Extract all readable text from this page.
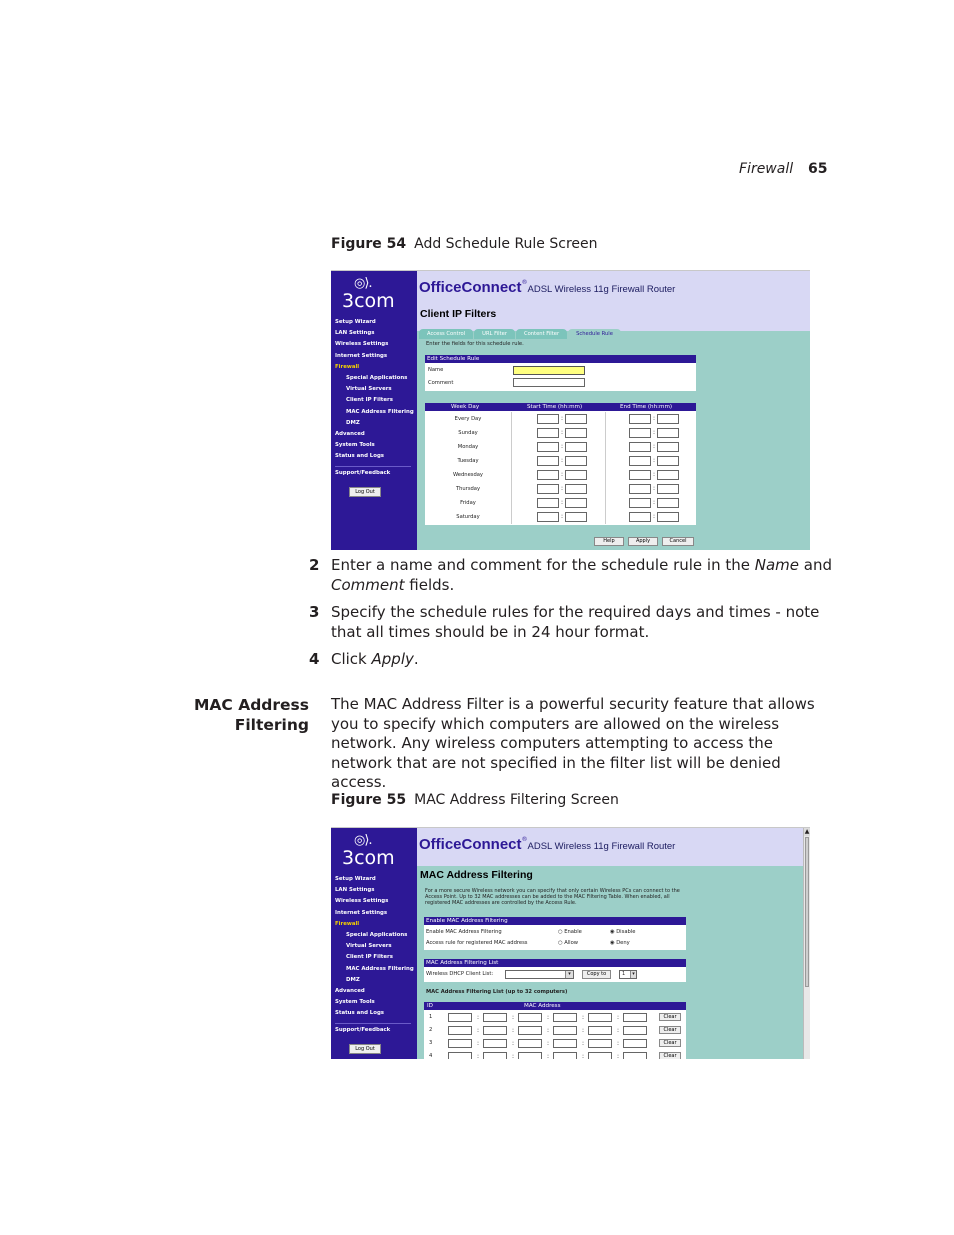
Firewall 65
Figure 54 Add Schedule Rule Screen
◎⟩.
3com
Setup Wizard
LAN Settings
Wireless Settings
Internet Settings
Firewall
Special Applications
Virtual Servers
Client IP Filters
MAC Address Filtering
DMZ
Advanced
System Tools
Status and Logs
Support/Feedback
Log Out
OfficeConnect®ADSL Wireless 11g Firewall Router
Client IP Filters
Access Control	URL Filter	Content Filter	Schedule Rule
Enter the fields for this schedule rule.
Edit Schedule Rule
Name
Comment
Week Day	Start Time (hh:mm)	End Time (hh:mm)
Every Day	:	:
Sunday	:	:
Monday	:	:
Tuesday	:	:
Wednesday	:	:
Thursday	:	:
Friday	:	:
Saturday	:	:
Help	Apply	Cancel
2 Enter a name and comment for the schedule rule in the Name and Comment fields.
3 Specify the schedule rules for the required days and times - note that all times should be in 24 hour format.
4 Click Apply.
MAC Address
Filtering
The MAC Address Filter is a powerful security feature that allows you to specify which computers are allowed on the wireless network. Any wireless computers attempting to access the network that are not specified in the filter list will be denied access.
Figure 55 MAC Address Filtering Screen
◎⟩.
3com
Setup Wizard
LAN Settings
Wireless Settings
Internet Settings
Firewall
Special Applications
Virtual Servers
Client IP Filters
MAC Address Filtering
DMZ
Advanced
System Tools
Status and Logs
Support/Feedback
Log Out
OfficeConnect®ADSL Wireless 11g Firewall Router
MAC Address Filtering
For a more secure Wireless network you can specify that only certain Wireless PCs can connect to the Access Point. Up to 32 MAC addresses can be added to the MAC Filtering Table. When enabled, all registered MAC addresses are controlled by the Access Rule.
Enable MAC Address Filtering
Enable MAC Address Filtering	○ Enable	◉ Disable
Access rule for registered MAC address	○ Allow	◉ Deny
MAC Address Filtering List
Wireless DHCP Client List:	▾	Copy to	1	▾
MAC Address Filtering List (up to 32 computers)
ID	MAC Address
1	:	:	:	:	:	Clear
2	:	:	:	:	:	Clear
3	:	:	:	:	:	Clear
4	:	:	:	:	:	Clear
▲
